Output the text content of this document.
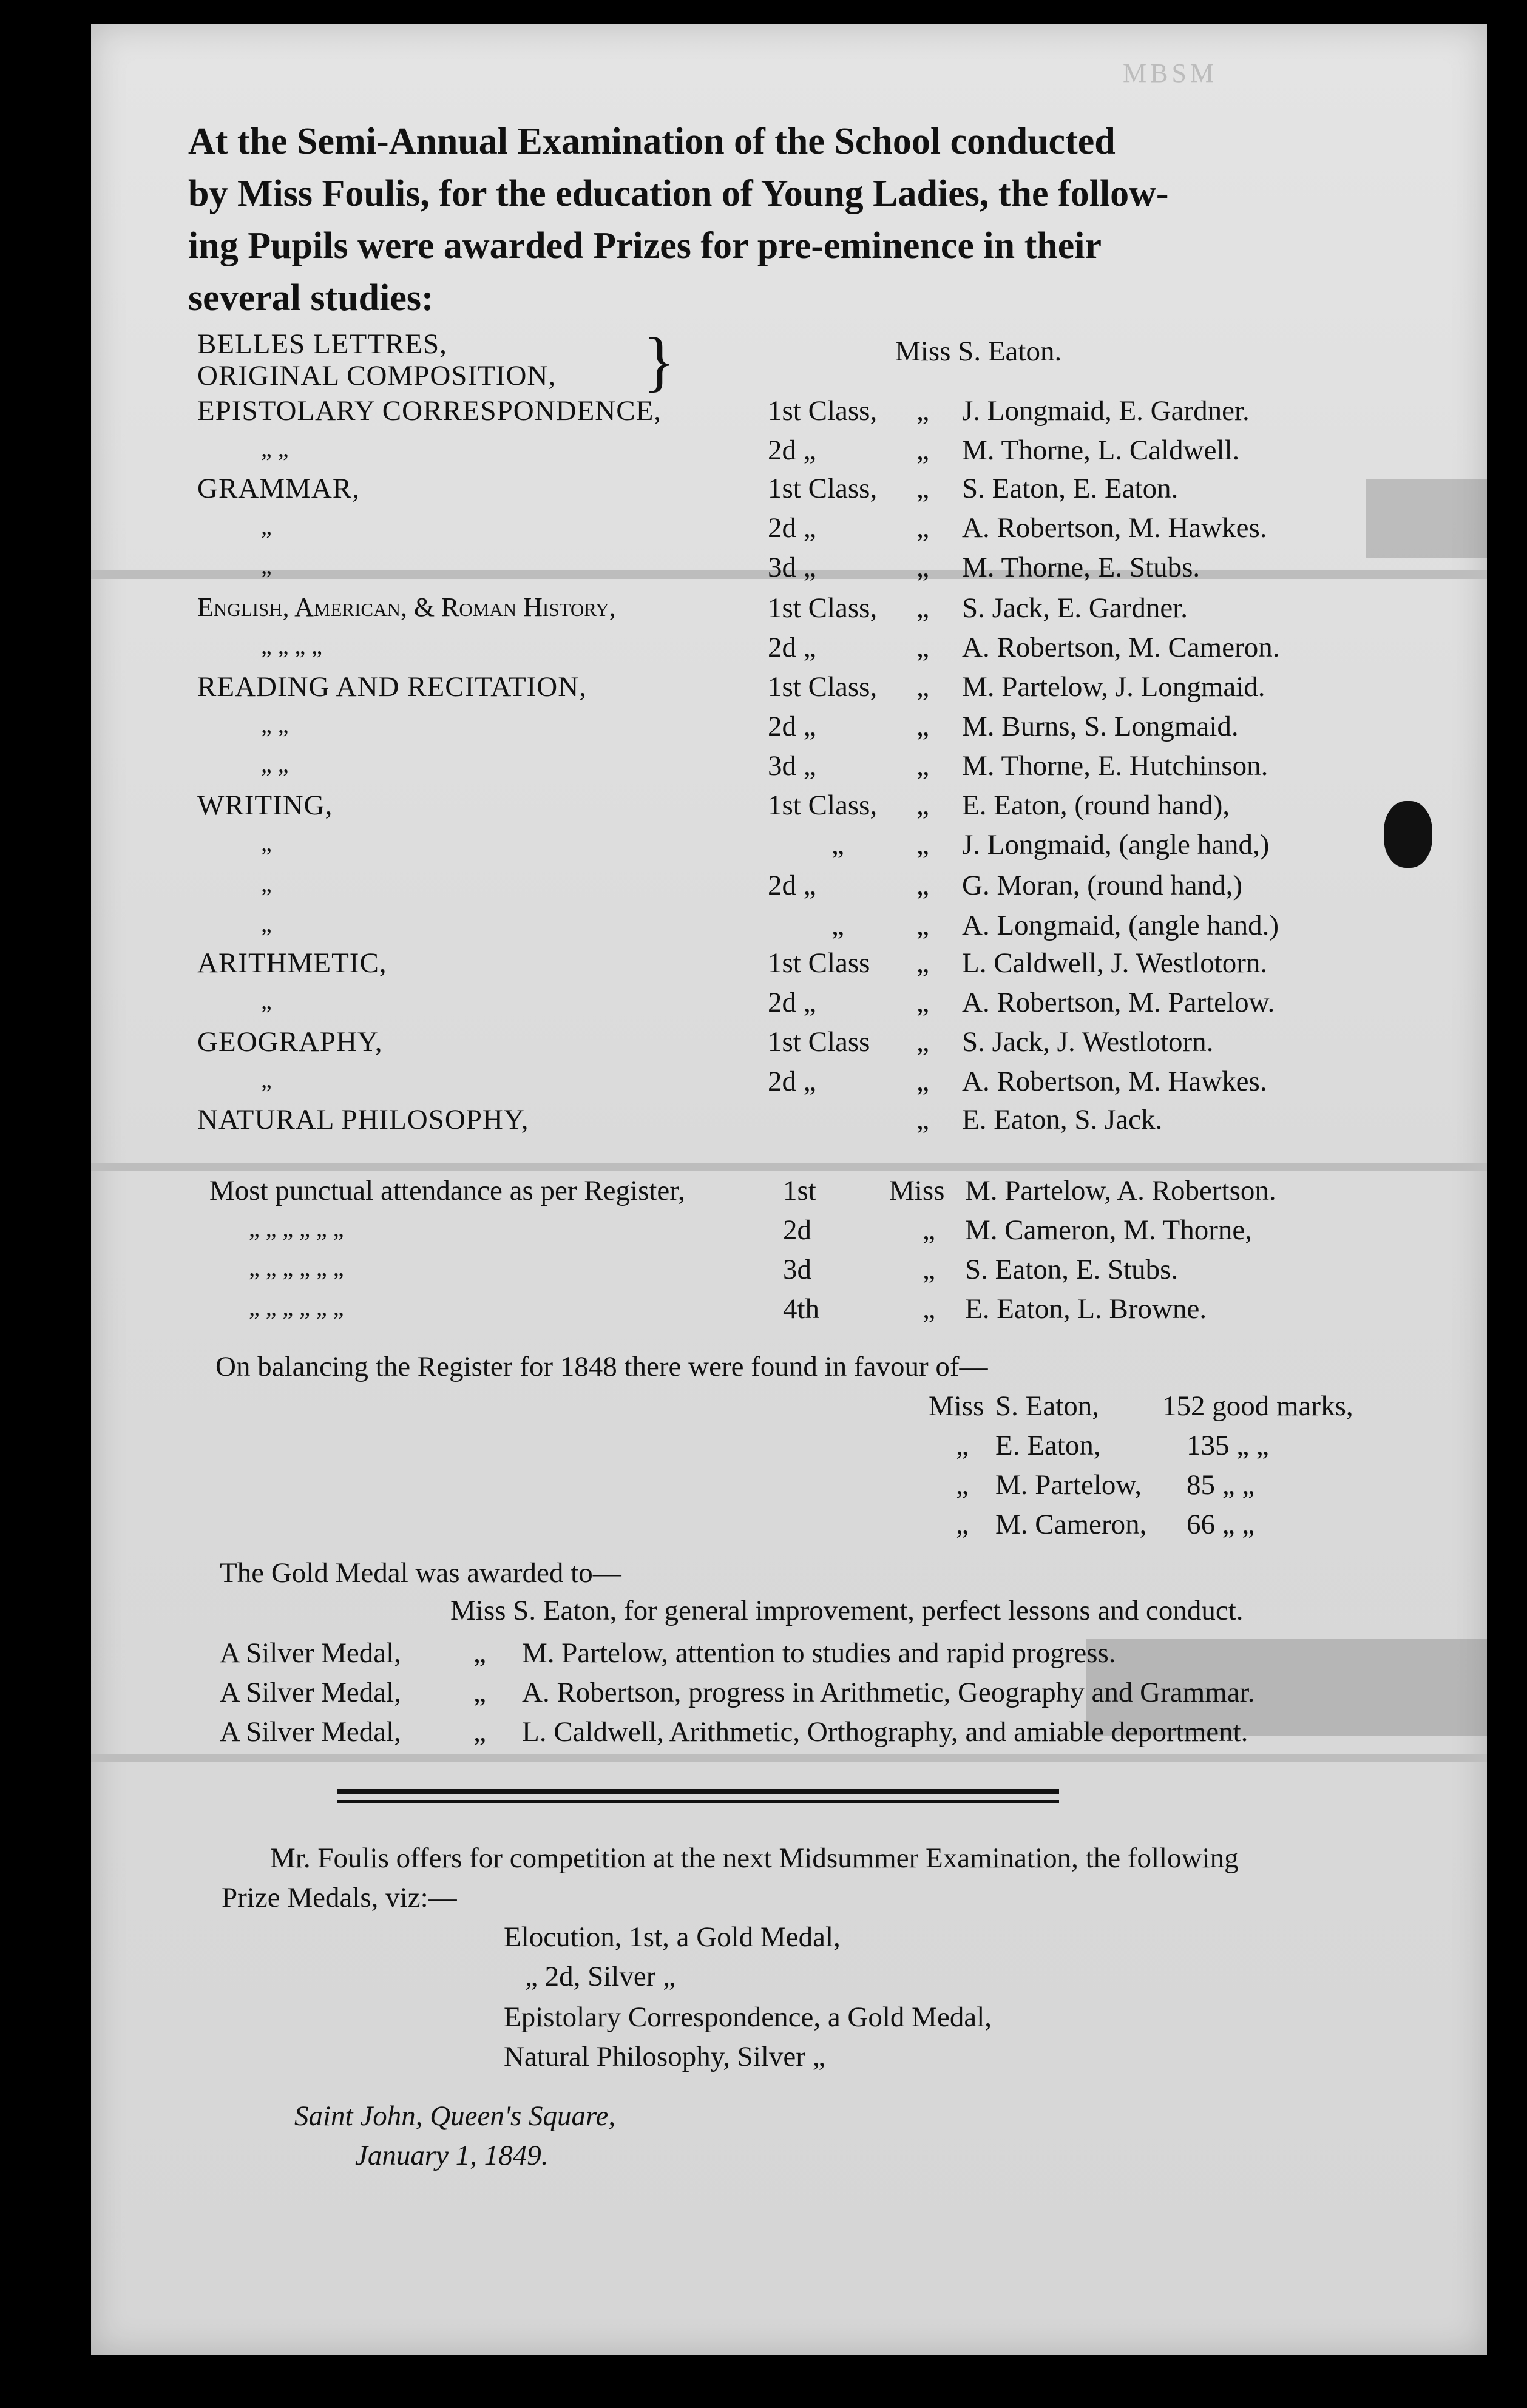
MBSM

At the Semi-Annual Examination of the School conducted

by Miss Foulis, for the education of Young Ladies, the follow-

ing Pupils were awarded Prizes for pre-eminence in their

several studies:

BELLES LETTRES,
ORIGINAL COMPOSITION, }	Miss S. Eaton.
EPISTOLARY CORRESPONDENCE,	1st Class, „ J. Longmaid, E. Gardner.
„ „	2d „	„ M. Thorne, L. Caldwell.
GRAMMAR,	1st Class, „ S. Eaton, E. Eaton.
„	2d „	„ A. Robertson, M. Hawkes.
„	3d „	„ M. Thorne, E. Stubs.
English, American, & Roman History,	1st Class, „ S. Jack, E. Gardner.
„ „ „ „	2d „	„ A. Robertson, M. Cameron.
READING AND RECITATION,	1st Class, „ M. Partelow, J. Longmaid.
„ „	2d „	„ M. Burns, S. Longmaid.
„ „	3d „	„ M. Thorne, E. Hutchinson.
WRITING,	1st Class, „ E. Eaton, (round hand),
„	„	„ J. Longmaid, (angle hand,)
„	2d „	„ G. Moran, (round hand,)
„	„	„ A. Longmaid, (angle hand.)
ARITHMETIC,	1st Class „ L. Caldwell, J. Westlotorn.
„	2d „	„ A. Robertson, M. Partelow.
GEOGRAPHY,	1st Class „ S. Jack, J. Westlotorn.
„	2d „	„ A. Robertson, M. Hawkes.
NATURAL PHILOSOPHY,	„ E. Eaton, S. Jack.
Most punctual attendance as per Register,	1st	Miss M. Partelow, A. Robertson.
„ „ „ „ „ „	2d	„ M. Cameron, M. Thorne,
„ „ „ „ „ „	3d	„ S. Eaton, E. Stubs.
„ „ „ „ „ „	4th	„ E. Eaton, L. Browne.
On balancing the Register for 1848 there were found in favour of—
Miss S. Eaton, 152 good marks,
„ E. Eaton,	135 „ „
„ M. Partelow, 85 „ „
„ M. Cameron, 66 „ „
The Gold Medal was awarded to—
Miss S. Eaton, for general improvement, perfect lessons and conduct.
A Silver Medal,	„ M. Partelow, attention to studies and rapid progress.
A Silver Medal,	„ A. Robertson, progress in Arithmetic, Geography and Grammar.
A Silver Medal,	„ L. Caldwell, Arithmetic, Orthography, and amiable deportment.
Mr. Foulis offers for competition at the next Midsummer Examination, the following
Prize Medals, viz:—
Elocution, 1st, a Gold Medal,
„ 2d, Silver „
Epistolary Correspondence, a Gold Medal,
Natural Philosophy, Silver „
Saint John, Queen's Square,
January 1, 1849.
